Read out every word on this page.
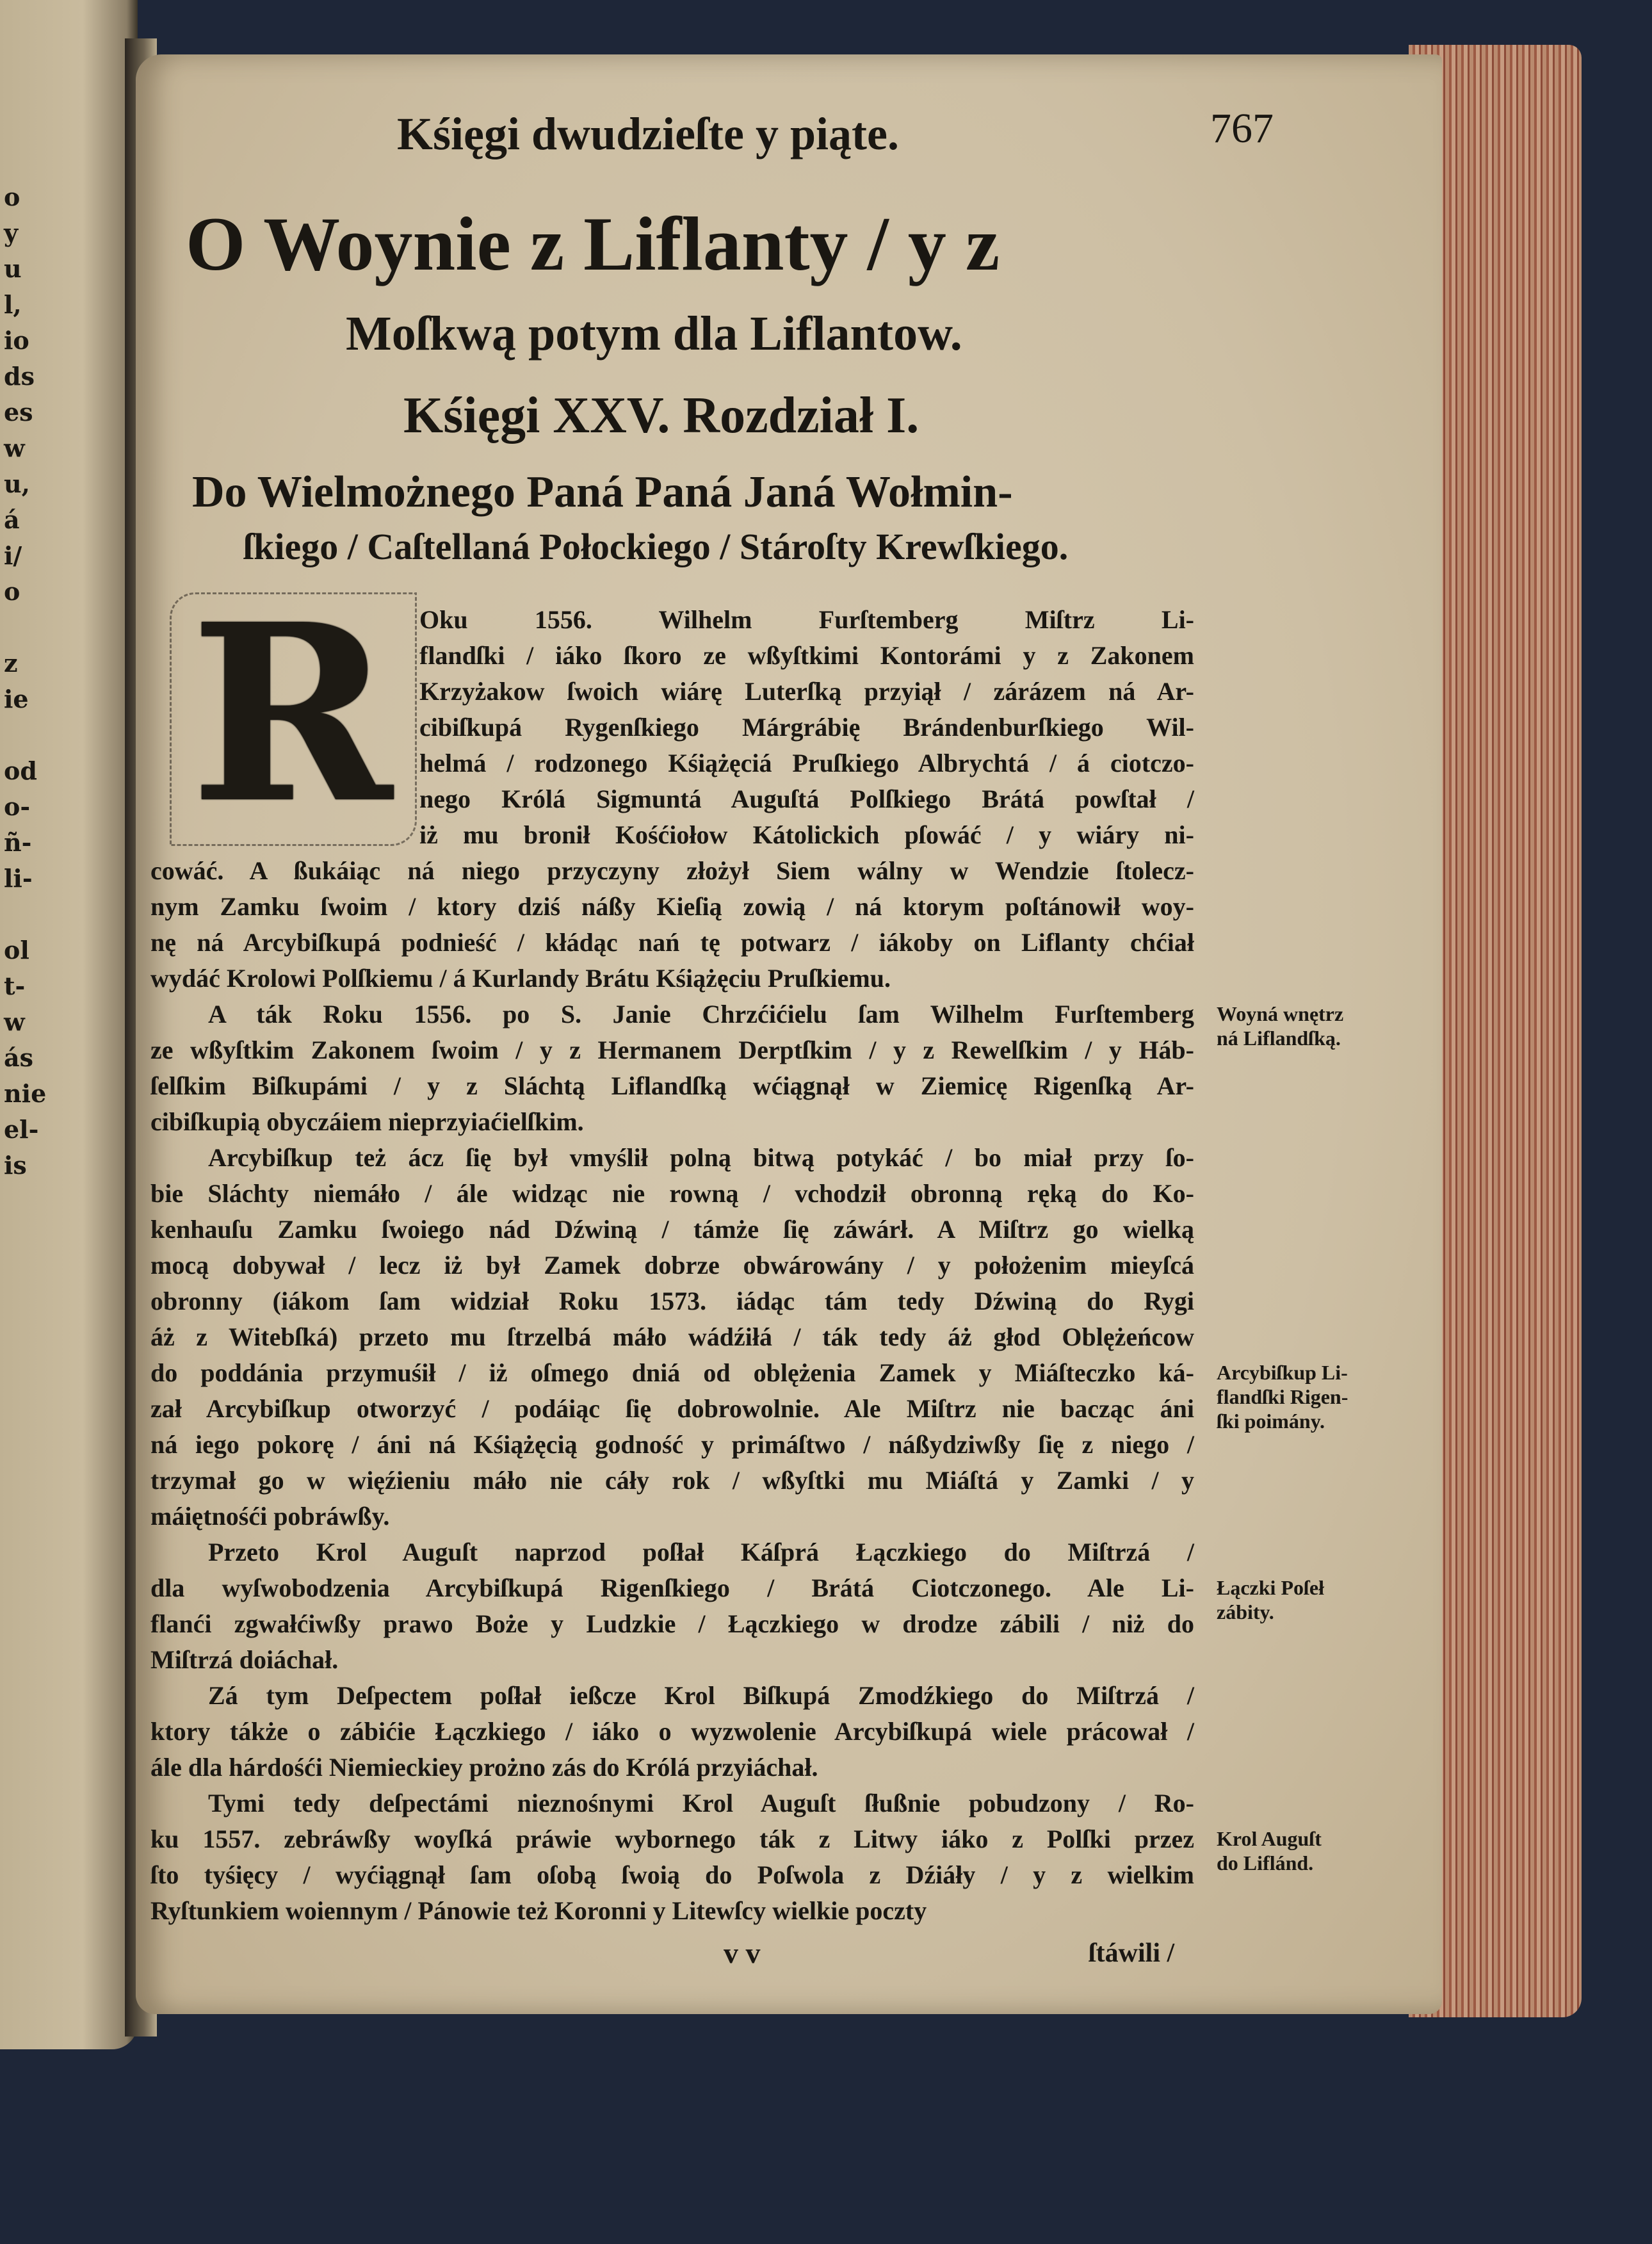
o
y
u
l,
io
ds
es
w
u,
á
i/
o
z
ie
od
o-
ñ-
li-
ol
t-
w
ás
nie
el-
is
Kśięgi dwudzieſte y piąte.	767
O Woynie z Liflanty / y z
Moſkwą potym dla Liflantow.
Kśięgi XXV. Rozdział I.
Do Wielmożnego Paná Paná Janá Wołmin-
ſkiego / Caſtellaná Połockiego / Stároſty Krewſkiego.
R	Oku 1556. Wilhelm Furſtemberg Miſtrz Li-
flandſki / iáko ſkoro ze wßyſtkimi Kontorámi y z Zakonem
Krzyżakow ſwoich wiárę Luterſką przyiął / zárázem ná Ar-
cibiſkupá Rygenſkiego Márgrábię Brándenburſkiego Wil-
helmá / rodzonego Kśiążęciá Pruſkiego Albrychtá / á ciotczo-
nego Królá Sigmuntá Auguſtá Polſkiego Brátá powſtał /
iż mu bronił Kośćiołow Kátolickich pſowáć / y wiáry ni-
cowáć. A ßukáiąc ná niego przyczyny złożył Siem wálny w Wendzie ſtolecz-
nym Zamku ſwoim / ktory dziś náßy Kieſią zowią / ná ktorym poſtánowił woy-
nę ná Arcybiſkupá podnieść / kłádąc nań tę potwarz / iákoby on Liflanty chćiał
wydáć Krolowi Polſkiemu / á Kurlandy Brátu Kśiążęciu Pruſkiemu.
A ták Roku 1556. po S. Janie Chrzćićielu ſam Wilhelm Furſtemberg
ze wßyſtkim Zakonem ſwoim / y z Hermanem Derptſkim / y z Rewelſkim / y Háb-
ſelſkim Biſkupámi / y z Sláchtą Liflandſką wćiągnął w Ziemicę Rigenſką Ar-
cibiſkupią obyczáiem nieprzyiaćielſkim.
Arcybiſkup też ácz ſię był vmyślił polną bitwą potykáć / bo miał przy ſo-
bie Sláchty niemáło / ále widząc nie rowną / vchodził obronną ręką do Ko-
kenhauſu Zamku ſwoiego nád Dźwiną / támże ſię záwárł. A Miſtrz go wielką
mocą dobywał / lecz iż był Zamek dobrze obwárowány / y położenim mieyſcá
obronny (iákom ſam widział Roku 1573. iádąc tám tedy Dźwiną do Rygi
áż z Witebſká) przeto mu ſtrzelbá máło wádźiłá / ták tedy áż głod Oblężeńcow
do poddánia przymuśił / iż oſmego dniá od oblężenia Zamek y Miáſteczko ká-
zał Arcybiſkup otworzyć / podáiąc ſię dobrowolnie. Ale Miſtrz nie bacząc áni
ná iego pokorę / áni ná Kśiążęcią godność y primáſtwo / náßydziwßy ſię z niego /
trzymał go w więźieniu máło nie cáły rok / wßyſtki mu Miáſtá y Zamki / y
máiętnośći pobráwßy.
Przeto Krol Auguſt naprzod poſłał Káſprá Łączkiego do Miſtrzá /
dla wyſwobodzenia Arcybiſkupá Rigenſkiego / Brátá Ciotczonego. Ale Li-
flanći zgwałćiwßy prawo Boże y Ludzkie / Łączkiego w drodze zábili / niż do
Miſtrzá doiáchał.
Zá tym Deſpectem poſłał ießcze Krol Biſkupá Zmodźkiego do Miſtrzá /
ktory tákże o zábićie Łączkiego / iáko o wyzwolenie Arcybiſkupá wiele prácował /
ále dla hárdośći Niemieckiey prożno zás do Królá przyiáchał.
Tymi tedy deſpectámi nieznośnymi Krol Auguſt ſłußnie pobudzony / Ro-
ku 1557. zebráwßy woyſká práwie wybornego ták z Litwy iáko z Polſki przez
ſto tyśięcy / wyćiągnął ſam oſobą ſwoią do Poſwola z Dźiáły / y z wielkim
Ryſtunkiem woiennym / Pánowie też Koronni y Litewſcy wielkie poczty
Woyná wnętrz
ná Liflandſką.
Arcybiſkup Li-
flandſki Rigen-
ſki poimány.
Łączki Poſeł
zábity.
Krol Auguſt
do Liflánd.
v v	ſtáwili /
